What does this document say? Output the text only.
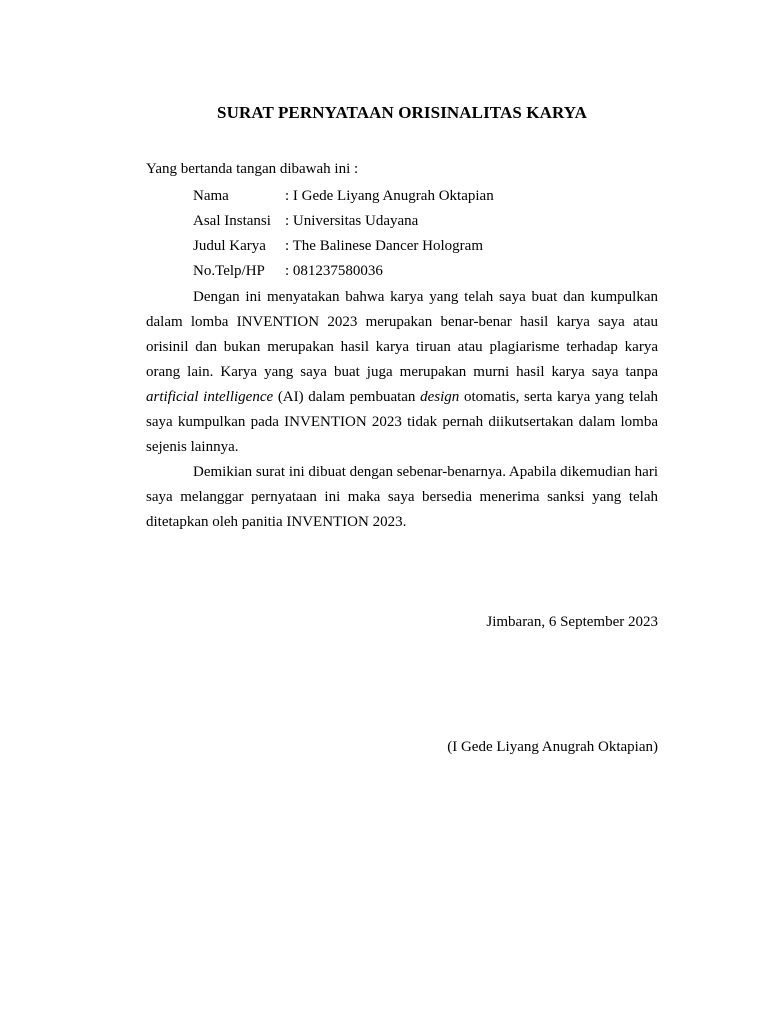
SURAT PERNYATAAN ORISINALITAS KARYA
Yang bertanda tangan dibawah ini :
Nama	: I Gede Liyang Anugrah Oktapian
Asal Instansi : Universitas Udayana
Judul Karya	: The Balinese Dancer Hologram
No.Telp/HP	: 081237580036

Dengan ini menyatakan bahwa karya yang telah saya buat dan kumpulkan dalam lomba INVENTION 2023 merupakan benar-benar hasil karya saya atau orisinil dan bukan merupakan hasil karya tiruan atau plagiarisme terhadap karya orang lain. Karya yang saya buat juga merupakan murni hasil karya saya tanpa artificial intelligence (AI) dalam pembuatan design otomatis, serta karya yang telah saya kumpulkan pada INVENTION 2023 tidak pernah diikutsertakan dalam lomba sejenis lainnya.

Demikian surat ini dibuat dengan sebenar-benarnya. Apabila dikemudian hari saya melanggar pernyataan ini maka saya bersedia menerima sanksi yang telah ditetapkan oleh panitia INVENTION 2023.

Jimbaran, 6 September 2023
(I Gede Liyang Anugrah Oktapian)
